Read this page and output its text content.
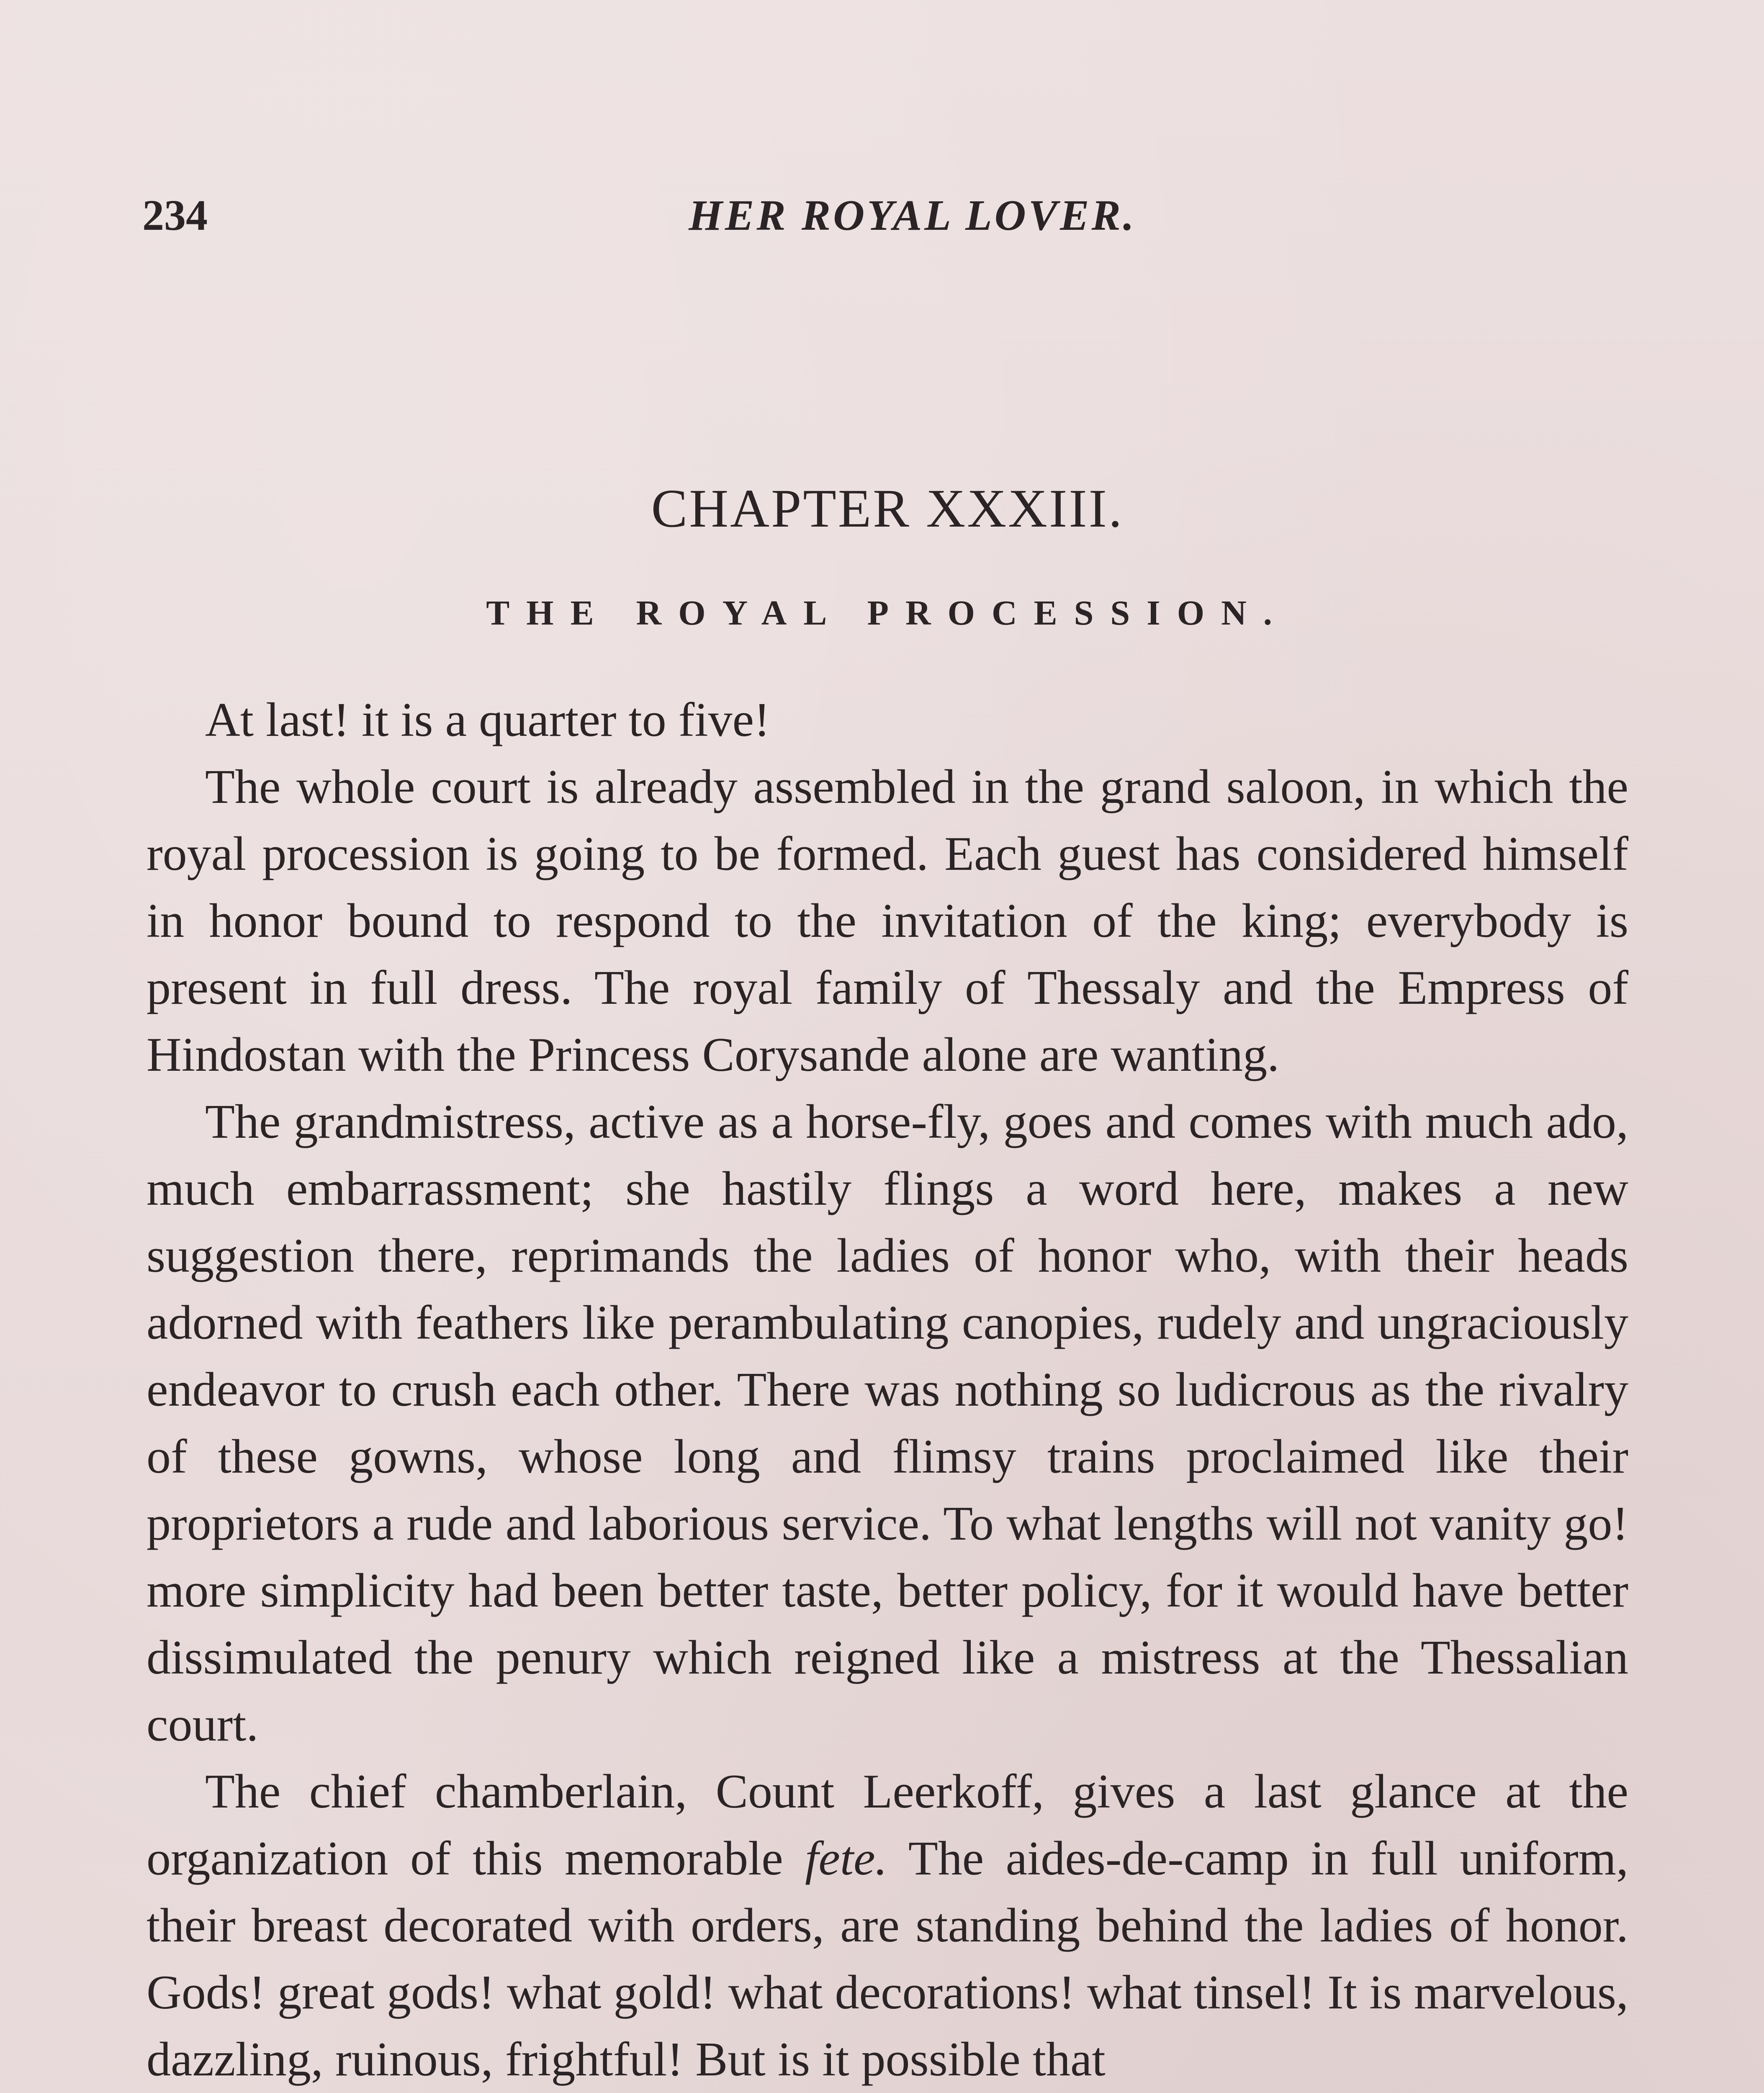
234	HER ROYAL LOVER.
CHAPTER XXXIII.
THE ROYAL PROCESSION.

At last! it is a quarter to five!

The whole court is already assembled in the grand saloon, in which the royal procession is going to be formed. Each guest has considered himself in honor bound to respond to the invitation of the king; everybody is present in full dress. The royal family of Thessaly and the Empress of Hindostan with the Princess Corysande alone are wanting.

The grandmistress, active as a horse-fly, goes and comes with much ado, much embarrassment; she hastily flings a word here, makes a new suggestion there, reprimands the ladies of honor who, with their heads adorned with feathers like perambulating canopies, rudely and ungraciously endeavor to crush each other. There was nothing so ludicrous as the rivalry of these gowns, whose long and flimsy trains proclaimed like their proprietors a rude and laborious service. To what lengths will not vanity go! more simplicity had been better taste, better policy, for it would have better dissimulated the penury which reigned like a mistress at the Thessalian court.

The chief chamberlain, Count Leerkoff, gives a last glance at the organization of this memorable fete. The aides-de-camp in full uniform, their breast decorated with orders, are standing behind the ladies of honor. Gods! great gods! what gold! what decorations! what tinsel! It is marvelous, dazzling, ruinous, frightful! But is it possible that
